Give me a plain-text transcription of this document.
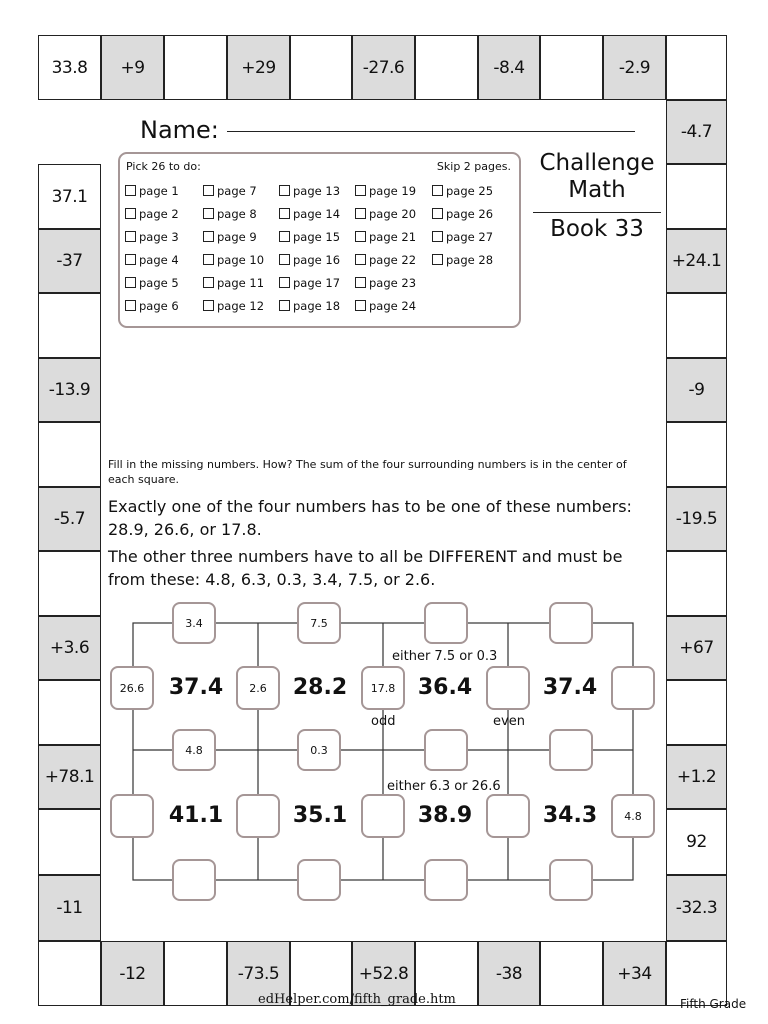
33.8	+9	+29	-27.6	-8.4	-2.9
-12	-73.5	+52.8	-38	+34
37.1
-37
-13.9
-5.7
+3.6
+78.1
-11
-4.7
+24.1
-9
-19.5
+67
+1.2
92
-32.3
Name:
Pick 26 to do:	Skip 2 pages.
page 1
page 2
page 3
page 4
page 5
page 6
page 7
page 8
page 9
page 10
page 11
page 12
page 13
page 14
page 15
page 16
page 17
page 18
page 19
page 20
page 21
page 22
page 23
page 24
page 25
page 26
page 27
page 28
Challenge
Math
Book 33
Fill in the missing numbers. How? The sum of the four surrounding numbers is in the center of each square.
Exactly one of the four numbers has to be one of these numbers: 28.9, 26.6, or 17.8.
The other three numbers have to all be DIFFERENT and must be from these: 4.8, 6.3, 0.3, 3.4, 7.5, or 2.6.
3.4	7.5
26.6	2.6	17.8
37.4	28.2	36.4	37.4
4.8	0.3
4.8
41.1	35.1	38.9	34.3
either 7.5 or 0.3
odd	even
either 6.3 or 26.6
edHelper.com/fifth_grade.htm	Fifth Grade
